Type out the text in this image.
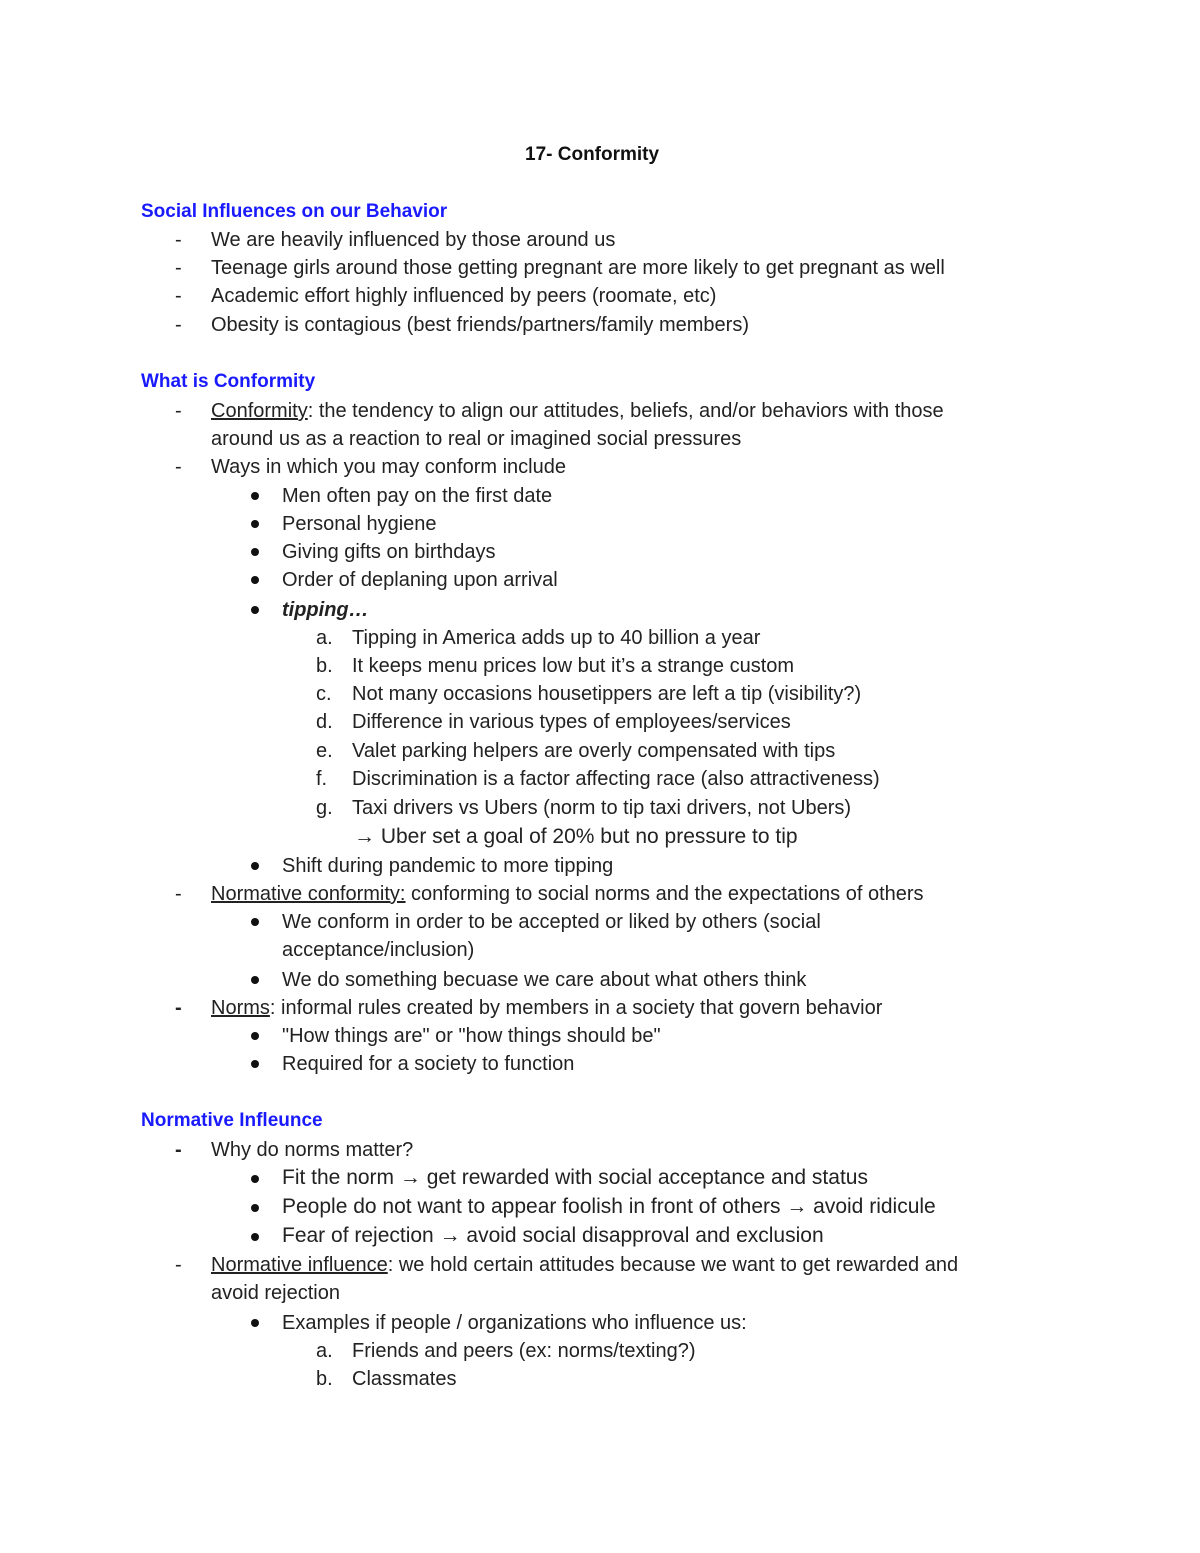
17- Conformity
Social Influences on our Behavior
- We are heavily influenced by those around us
- Teenage girls around those getting pregnant are more likely to get pregnant as well
- Academic effort highly influenced by peers (roomate, etc)
- Obesity is contagious (best friends/partners/family members)
What is Conformity
- Conformity: the tendency to align our attitudes, beliefs, and/or behaviors with those
around us as a reaction to real or imagined social pressures
- Ways in which you may conform include
Men often pay on the first date
Personal hygiene
Giving gifts on birthdays
Order of deplaning upon arrival
tipping…
a. Tipping in America adds up to 40 billion a year
b. It keeps menu prices low but it’s a strange custom
c. Not many occasions housetippers are left a tip (visibility?)
d. Difference in various types of employees/services
e. Valet parking helpers are overly compensated with tips
f. Discrimination is a factor affecting race (also attractiveness)
g. Taxi drivers vs Ubers (norm to tip taxi drivers, not Ubers)
→ Uber set a goal of 20% but no pressure to tip
Shift during pandemic to more tipping
- Normative conformity: conforming to social norms and the expectations of others
We conform in order to be accepted or liked by others (social
acceptance/inclusion)
We do something becuase we care about what others think
- Norms: informal rules created by members in a society that govern behavior
"How things are" or "how things should be"
Required for a society to function
Normative Infleunce
- Why do norms matter?
Fit the norm → get rewarded with social acceptance and status
People do not want to appear foolish in front of others → avoid ridicule
Fear of rejection → avoid social disapproval and exclusion
- Normative influence: we hold certain attitudes because we want to get rewarded and
avoid rejection
Examples if people / organizations who influence us:
a. Friends and peers (ex: norms/texting?)
b. Classmates
